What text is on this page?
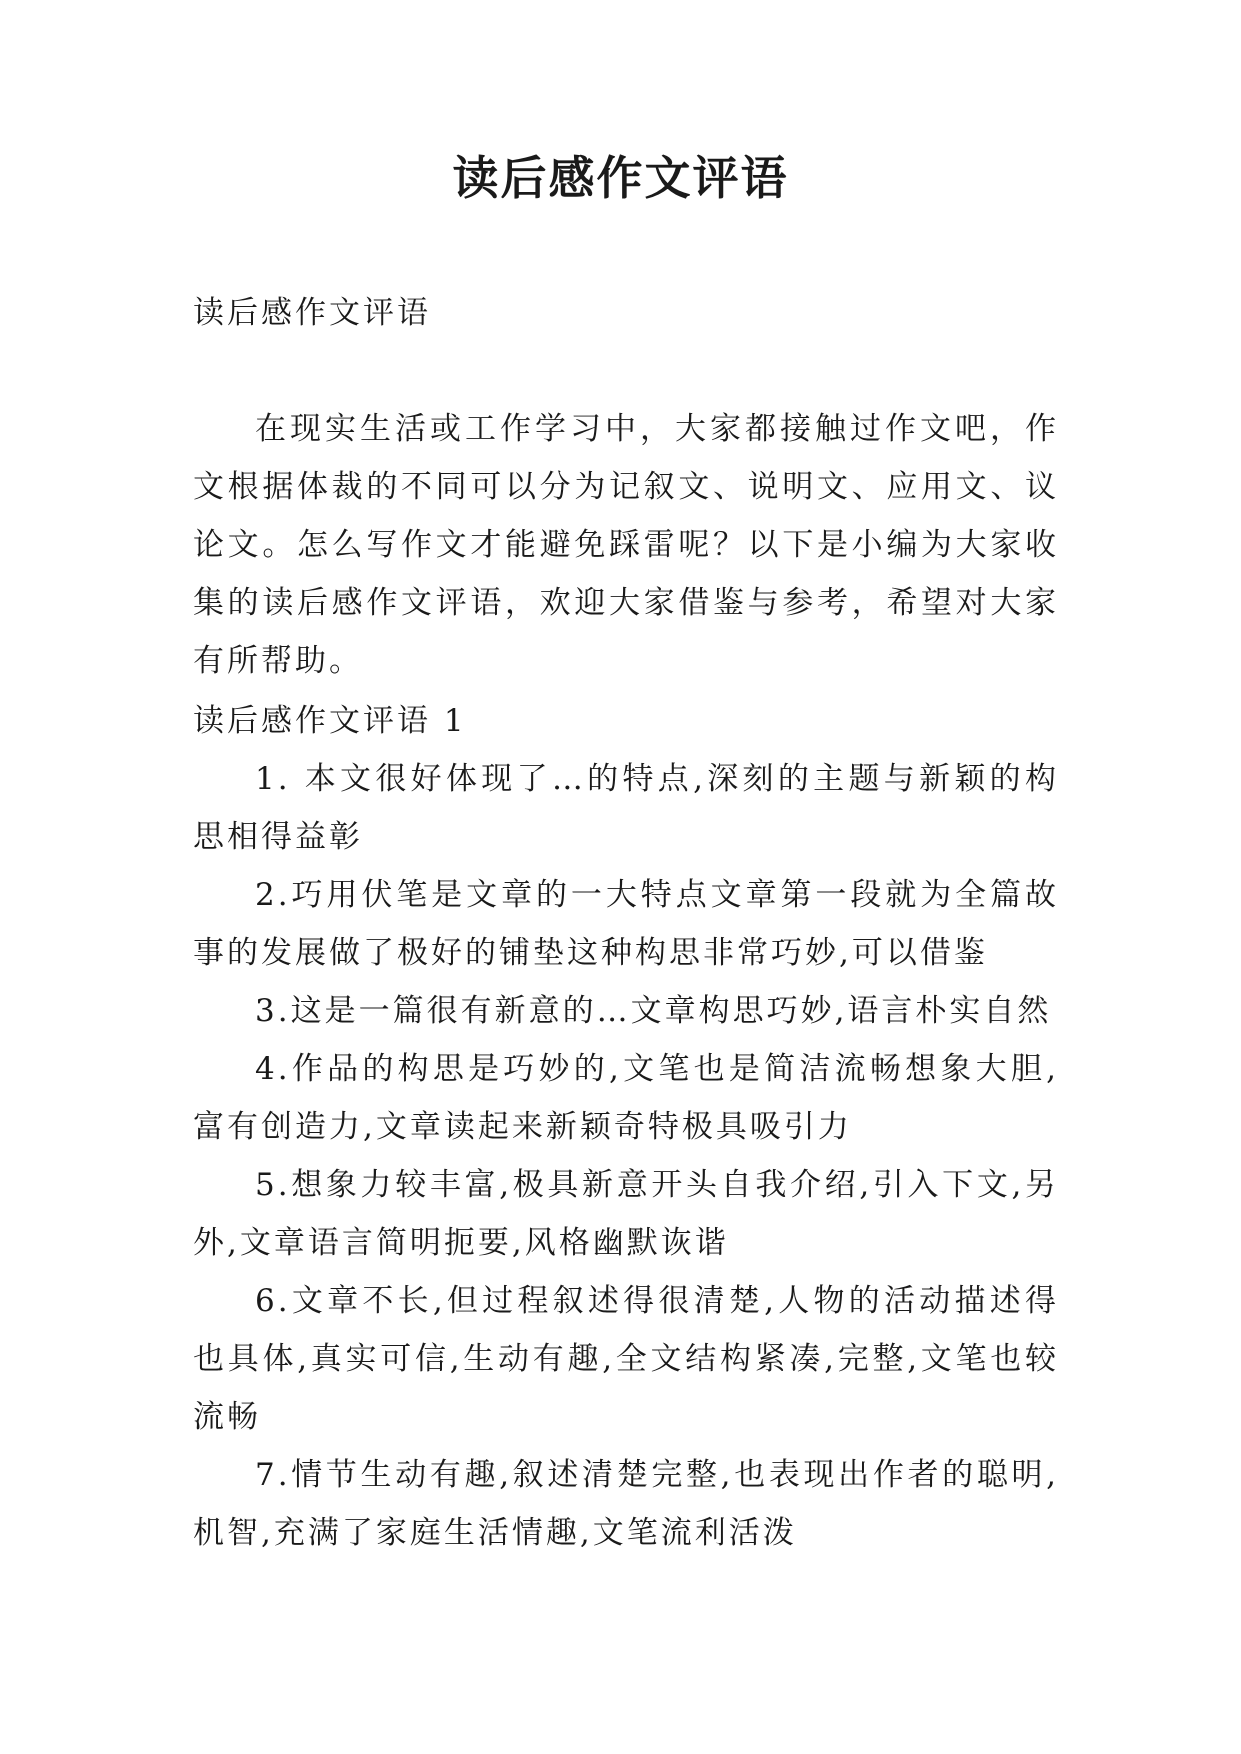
读后感作文评语

读后感作文评语

在现实生活或工作学习中，大家都接触过作文吧，作文根据体裁的不同可以分为记叙文、说明文、应用文、议论文。怎么写作文才能避免踩雷呢？以下是小编为大家收集的读后感作文评语，欢迎大家借鉴与参考，希望对大家有所帮助。

读后感作文评语 1

1. 本文很好体现了…的特点,深刻的主题与新颖的构思相得益彰

2.巧用伏笔是文章的一大特点文章第一段就为全篇故事的发展做了极好的铺垫这种构思非常巧妙,可以借鉴

3.这是一篇很有新意的…文章构思巧妙,语言朴实自然

4.作品的构思是巧妙的,文笔也是简洁流畅想象大胆,富有创造力,文章读起来新颖奇特极具吸引力

5.想象力较丰富,极具新意开头自我介绍,引入下文,另外,文章语言简明扼要,风格幽默诙谐

6.文章不长,但过程叙述得很清楚,人物的活动描述得也具体,真实可信,生动有趣,全文结构紧凑,完整,文笔也较流畅

7.情节生动有趣,叙述清楚完整,也表现出作者的聪明,机智,充满了家庭生活情趣,文笔流利活泼
